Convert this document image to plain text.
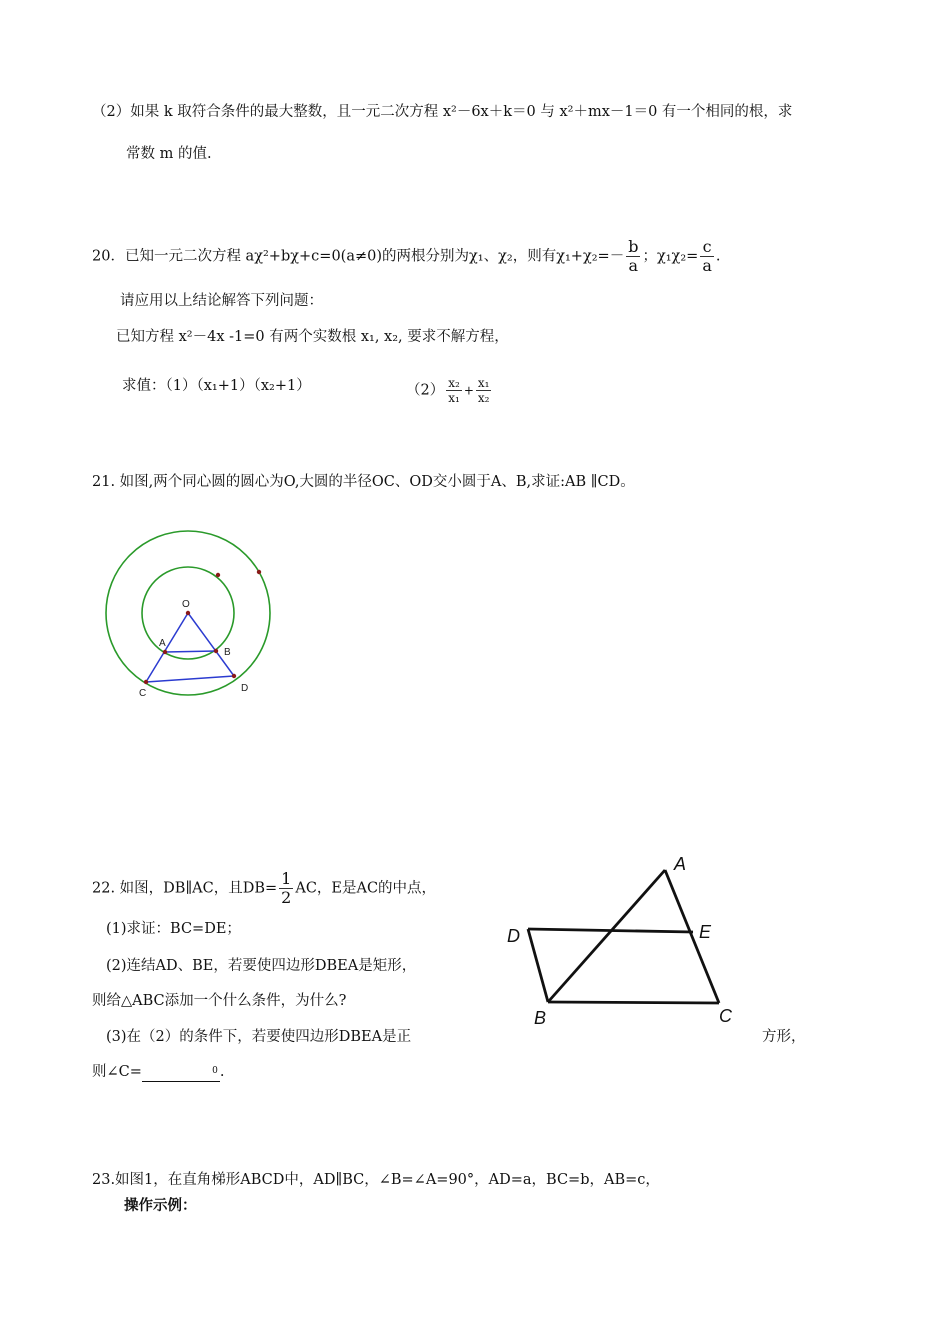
（2）如果 k 取符合条件的最大整数，且一元二次方程 x²－6x＋k＝0 与 x²＋mx－1＝0 有一个相同的根，求
常数 m 的值.
20．已知一元二次方程 aχ²+bχ+c=0(a≠0)的两根分别为χ₁、χ₂，则有$\chi_1+\chi_2=- \frac{b}{a}$ ；$\chi_1\chi_2= \frac{c}{a}$ .
请应用以上结论解答下列问题：
已知方程 x²－4x -1=0 有两个实数根 x₁, x₂, 要求不解方程，
求值：（1）（x₁+1）（x₂+1）	$(2) \frac{\text{x₂}}{\text{x₁}} + \frac{\text{x₁}}{\text{x₂}}$
21. 如图,两个同心圆的圆心为O,大圆的半径OC、OD交小圆于A、B,求证:AB ∥CD。
O
A
B
C	D
22. 如图，DB∥AC，且$DB= \frac{1}{2}$ AC，E是AC的中点，
(1)求证：BC=DE；
(2)连结AD、BE，若要使四边形DBEA是矩形，
则给△ABC添加一个什么条件，为什么?
(3)在（2）的条件下，若要使四边形DBEA是正	方形，
则∠C=	0 .
A
D	E
B	C
23.如图1，在直角梯形ABCD中，AD∥BC，∠B=∠A=90°，AD=a，BC=b，AB=c，
操作示例：
